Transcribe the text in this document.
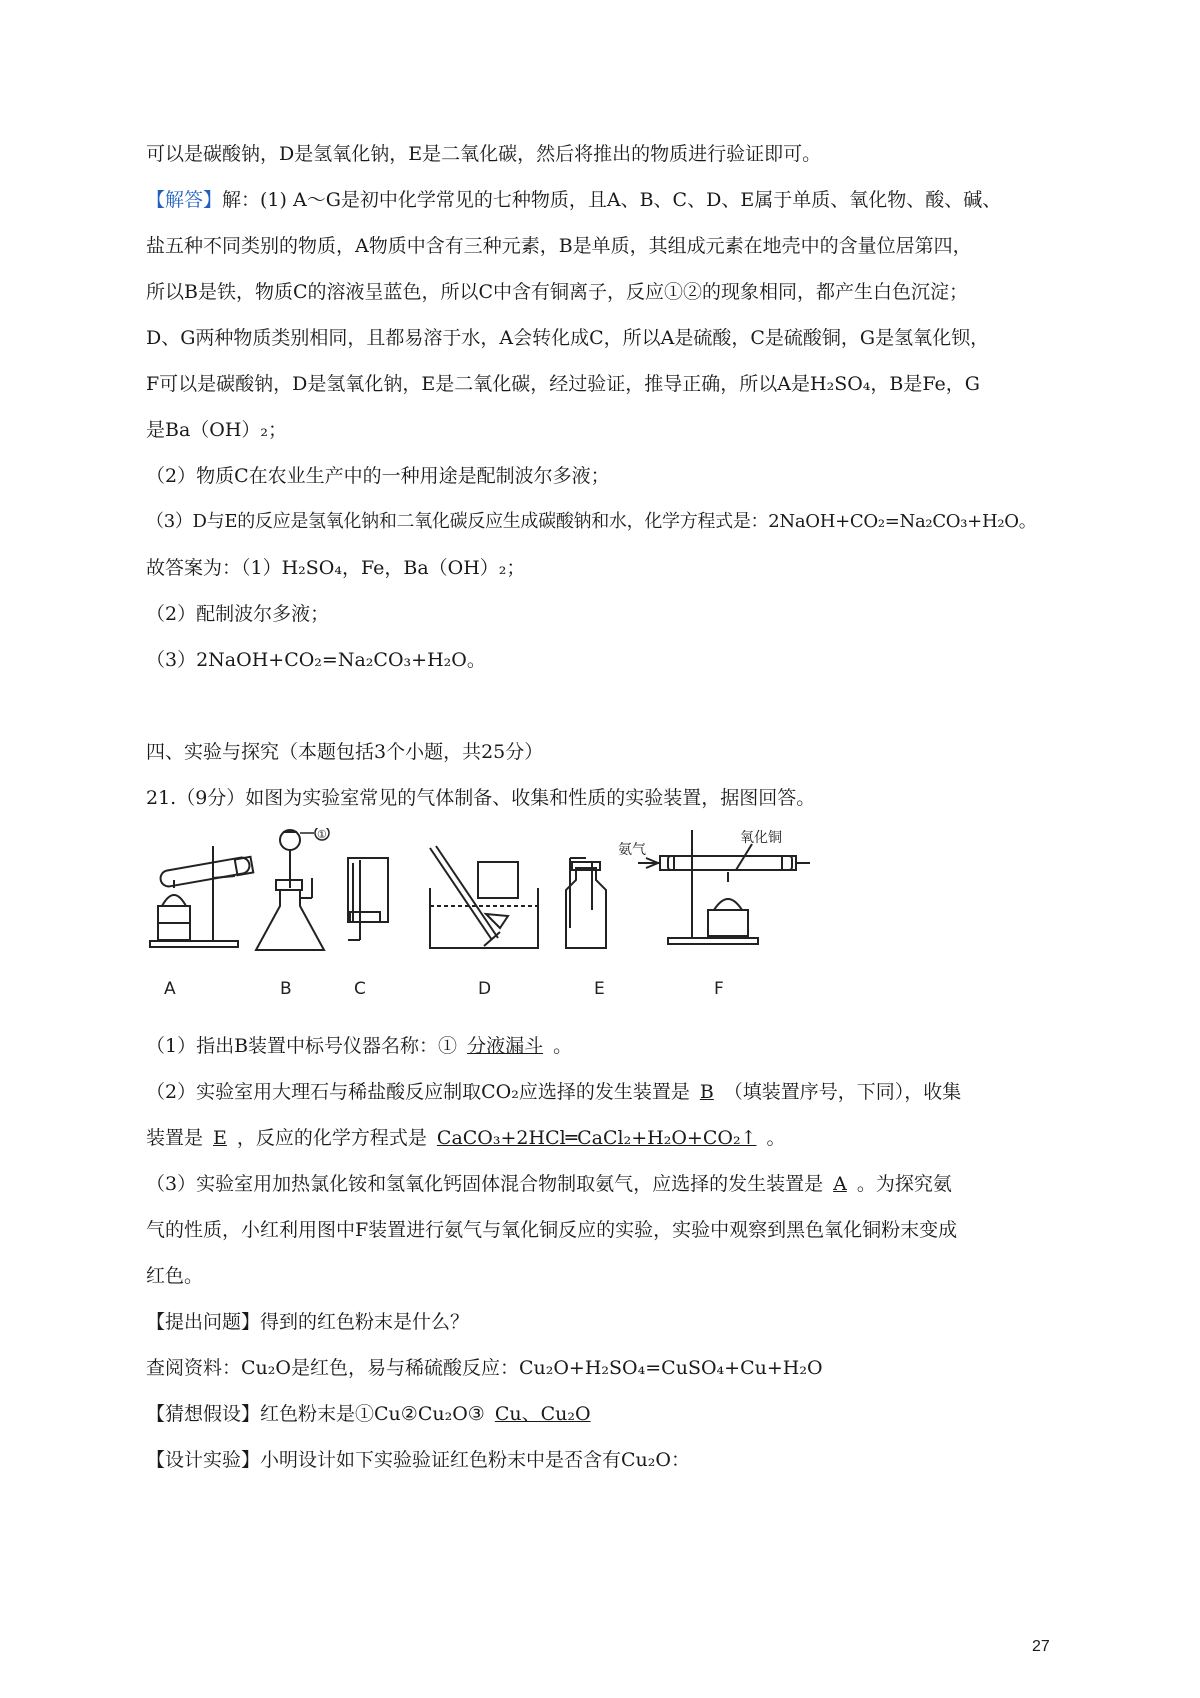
可以是碳酸钠，D是氢氧化钠，E是二氧化碳，然后将推出的物质进行验证即可。
【解答】解：(1) A～G是初中化学常见的七种物质，且A、B、C、D、E属于单质、氧化物、酸、碱、
盐五种不同类别的物质，A物质中含有三种元素，B是单质，其组成元素在地壳中的含量位居第四，
所以B是铁，物质C的溶液呈蓝色，所以C中含有铜离子，反应①②的现象相同，都产生白色沉淀；
D、G两种物质类别相同，且都易溶于水，A会转化成C，所以A是硫酸，C是硫酸铜，G是氢氧化钡，
F可以是碳酸钠，D是氢氧化钠，E是二氧化碳，经过验证，推导正确，所以A是H₂SO₄，B是Fe，G
是Ba（OH）₂；
（2）物质C在农业生产中的一种用途是配制波尔多液；
（3）D与E的反应是氢氧化钠和二氧化碳反应生成碳酸钠和水，化学方程式是：2NaOH+CO₂=Na₂CO₃+H₂O。
故答案为：（1）H₂SO₄，Fe，Ba（OH）₂；
（2）配制波尔多液；
（3）2NaOH+CO₂=Na₂CO₃+H₂O。
四、实验与探究（本题包括3个小题，共25分）
21.（9分）如图为实验室常见的气体制备、收集和性质的实验装置，据图回答。
①
氨气
氧化铜
A	B	C	D	E	F
（1）指出B装置中标号仪器名称：① 分液漏斗 。
（2）实验室用大理石与稀盐酸反应制取CO₂应选择的发生装置是 B （填装置序号，下同），收集
装置是 E ，反应的化学方程式是 CaCO₃+2HCl═CaCl₂+H₂O+CO₂↑ 。
（3）实验室用加热氯化铵和氢氧化钙固体混合物制取氨气，应选择的发生装置是 A 。为探究氨
气的性质，小红利用图中F装置进行氨气与氧化铜反应的实验，实验中观察到黑色氧化铜粉末变成
红色。
【提出问题】得到的红色粉末是什么？
查阅资料：Cu₂O是红色，易与稀硫酸反应：Cu₂O+H₂SO₄=CuSO₄+Cu+H₂O
【猜想假设】红色粉末是①Cu②Cu₂O③ Cu、Cu₂O
【设计实验】小明设计如下实验验证红色粉末中是否含有Cu₂O：
27
